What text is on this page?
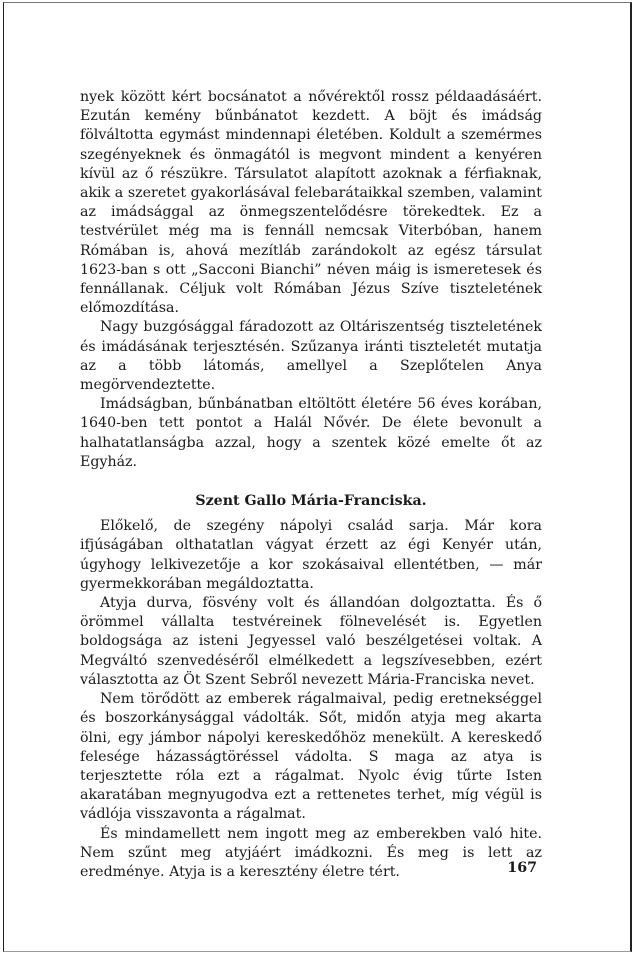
nyek között kért bocsánatot a nővérektől rossz példaadásáért. Ezután kemény bűnbánatot kezdett. A böjt és imádság fölváltotta egymást mindennapi életében. Koldult a szemérmes szegényeknek és önmagától is megvont mindent a kenyéren kívül az ő részükre. Társulatot alapított azoknak a férfiaknak, akik a szeretet gyakorlásával felebarátaikkal szemben, valamint az imádsággal az önmegszentelődésre törekedtek. Ez a testvérület még ma is fennáll nemcsak Viterbóban, hanem Rómában is, ahová mezítláb zarándokolt az egész társulat 1623-ban s ott „Sacconi Bianchi” néven máig is ismeretesek és fennállanak. Céljuk volt Rómában Jézus Szíve tiszteletének előmozdítása.

Nagy buzgósággal fáradozott az Oltáriszentség tiszteletének és imádásának terjesztésén. Szűzanya iránti tiszteletét mutatja az a több látomás, amellyel a Szeplőtelen Anya megörvendeztette.

Imádságban, bűnbánatban eltöltött életére 56 éves korában, 1640-ben tett pontot a Halál Nővér. De élete bevonult a halhatatlanságba azzal, hogy a szentek közé emelte őt az Egyház.

Szent Gallo Mária-Franciska.

Előkelő, de szegény nápolyi család sarja. Már kora ifjúságában olthatatlan vágyat érzett az égi Kenyér után, úgyhogy lelkivezetője a kor szokásaival ellentétben, — már gyermekkorában megáldoztatta.

Atyja durva, fösvény volt és állandóan dolgoztatta. És ő örömmel vállalta testvéreinek fölnevelését is. Egyetlen boldogsága az isteni Jegyessel való beszélgetései voltak. A Megváltó szenvedéséről elmélkedett a legszívesebben, ezért választotta az Öt Szent Sebről nevezett Mária-Franciska nevet.

Nem törődött az emberek rágalmaival, pedig eretnekséggel és boszorkánysággal vádolták. Sőt, midőn atyja meg akarta ölni, egy jámbor nápolyi kereskedőhöz menekült. A kereskedő felesége házasságtöréssel vádolta. S maga az atya is terjesztette róla ezt a rágalmat. Nyolc évig tűrte Isten akaratában megnyugodva ezt a rettenetes terhet, míg végül is vádlója visszavonta a rágalmat.

És mindamellett nem ingott meg az emberekben való hite. Nem szűnt meg atyjáért imádkozni. És meg is lett az eredménye. Atyja is a keresztény életre tért.	167
